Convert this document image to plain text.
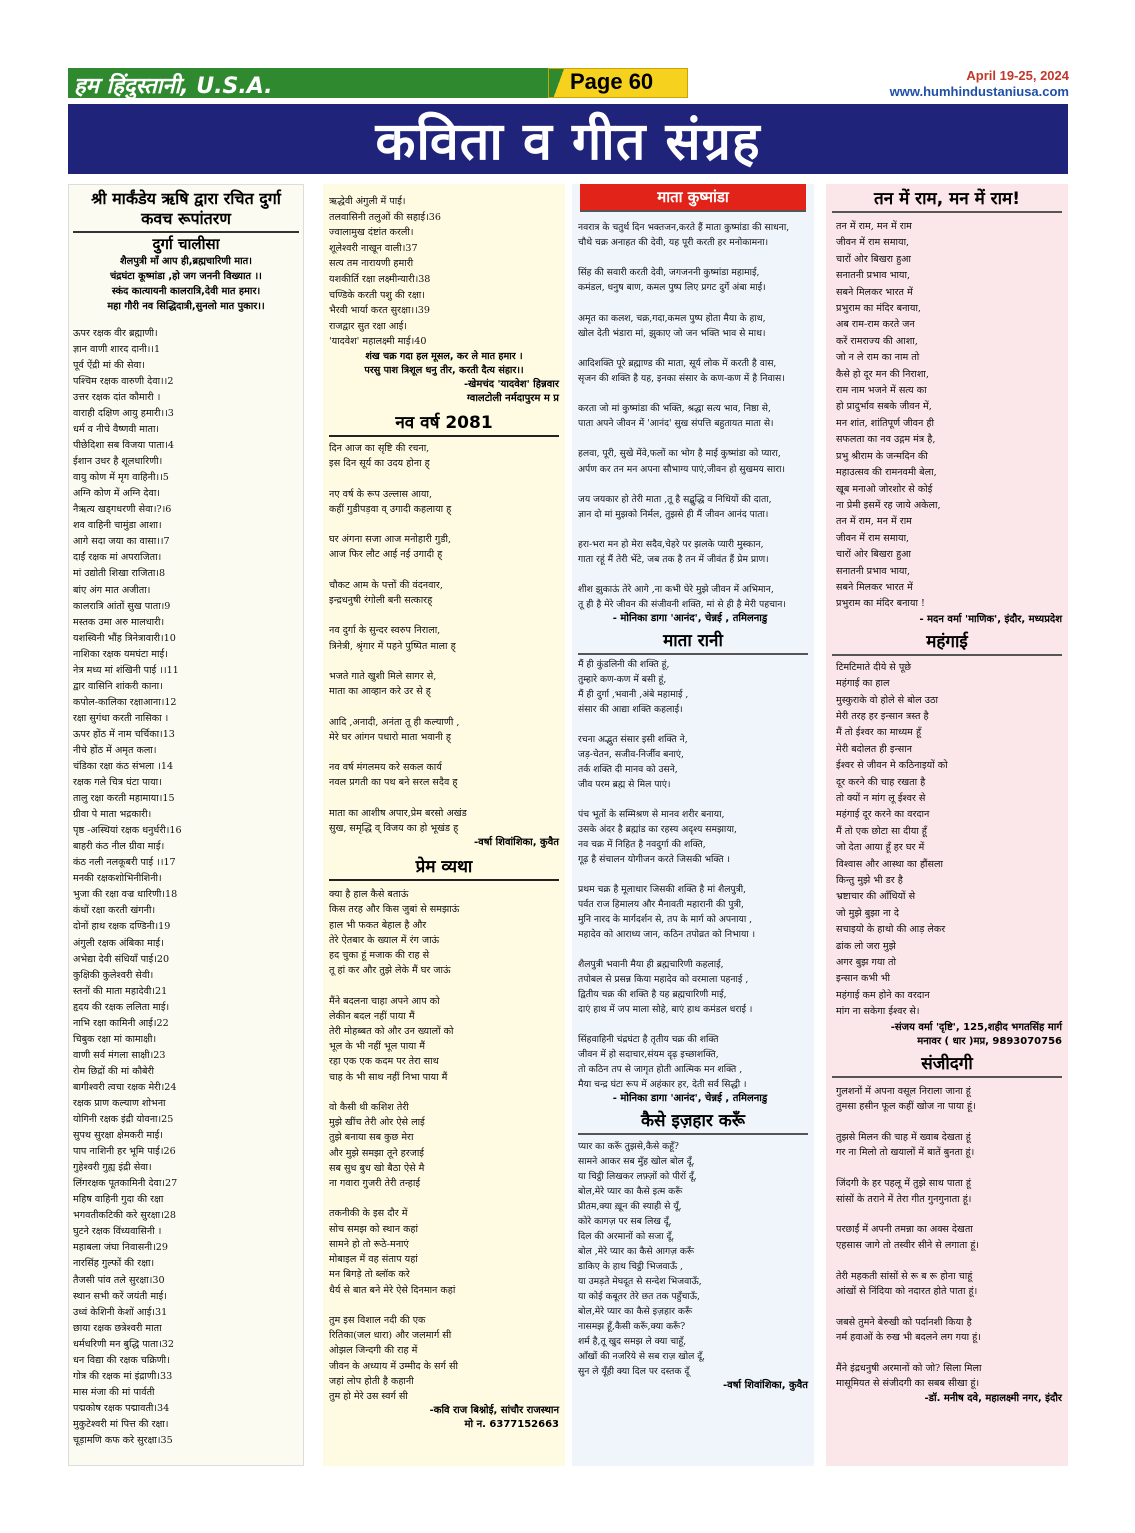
हम हिंदुस्तानी, U.S.A.	Page 60	April 19-25, 2024
www.humhindustaniusa.com
कविता व गीत संग्रह
श्री मार्कंडेय ऋषि द्वारा रचित दुर्गा कवच रूपांतरण
दुर्गा चालीसा
शैलपुत्री माँ आप ही,ब्रह्मचारिणी मात।
चंद्रघंटा कूष्मांडा ,हो जग जननी विख्यात ।।
स्कंद कात्यायनी कालरात्रि,देवी मात हमार।
महा गौरी नव सिद्धिदात्री,सुनलो मात पुकार।।
ऊपर रक्षक वीर ब्रह्माणी।
ज्ञान वाणी शारद दानी।।1
पूर्व ऐंद्री मां की सेवा।
पश्चिम रक्षक वारुणी देवा।।2
उत्तर रक्षक दांत कौमारी ।
वाराही दक्षिण आयु हमारी।।3
धर्म व नीचे वैष्णवी माता।
पीछेदिशा सब विजया पाता।4
ईशान उधर है शूलधारिणी।
वायु कोण में मृग वाहिनी।।5
अग्नि कोण में अग्नि देवा।
नैऋत्य खड्गधरणी सेवा।?।6
शव वाहिनी चामुंडा आशा।
आगे सदा जया का वासा।।7
दाईं रक्षक मां अपराजिता।
मां उद्योती शिखा राजिता।8
बांए अंग मात अजीता।
कालरात्रि आंतों सुख पाता।9
मस्तक उमा अरु मालधारी।
यशस्विनी भौंह त्रिनेत्रावारी।10
नाशिका रक्षक यमघंटा माई।
नेत्र मध्य मां शंखिनी पाई ।।11
द्वार वासिनि शांकरी काना।
कपोल-कालिका रक्षाआना।12
रक्षा सुगंधा करती नासिका ।
ऊपर होंठ में नाम चर्चिका।13
नीचे होंठ में अमृत कला।
चंडिका रक्षा कंठ संभला ।14
रक्षक गले चित्र घंटा पाया।
तालु रक्षा करती महामाया।15
ग्रीवा पे माता भद्रकारी।
पृष्ठ -अस्थियां रक्षक धनुर्धरी।16
बाहरी कंठ नील ग्रीवा माई।
कंठ नली नलकूबरी पाई ।।17
मनकी रक्षकशोभिनीशिनी।
भुजा की रक्षा वज्र धारिणी।18
कंधों रक्षा करती खंगनी।
दोनों हाथ रक्षक दण्डिनी।19
अंगुली रक्षक अंबिका माई।
अभेद्या देवी संधियाँ पाई।20
कुक्षिकी कुलेश्वरी सेवी।
स्तनों की माता महादेवी।21
हृदय की रक्षक ललिता माई।
नाभि रक्षा कामिनी आई।22
चिबुक रक्षा मां कामाक्षी।
वाणी सर्व मंगला साक्षी।23
रोम छिद्रों की मां कौबेरी
बागीश्वरी त्वचा रक्षक मेरी।24
रक्षक प्राण कल्याण शोभना
योगिनी रक्षक इंद्री योवना।25
सुपथ सुरक्षा क्षेमकरी माई।
पाप नाशिनी हर भूमि पाई।26
गुहेश्वरी गुह्य इंद्री सेवा।
लिंगरक्षक पूतकामिनी देवा।27
महिष वाहिनी गुदा की रक्षा
भगवतीकटिकी करे सुरक्षा।28
घुटने रक्षक विंध्यवासिनी ।
महाबला जंघा निवासनी।29
नारसिंह गुल्फों की रक्षा।
तैजसी पांव तले सुरक्षा।30
स्थान सभी करें जयंती माई।
उध्वं केशिनी केशों आई।31
छाया रक्षक छत्रेश्वरी माता
धर्मधरिणी मन बुद्धि पाता।32
धन विद्या की रक्षक चक्रिणी।
गोत्र की रक्षक मां इंद्राणी।33
मास मंजा की मां पार्वती
पद्मकोष रक्षक पद्मावती।34
मुकुटेश्वरी मां पित्त की रक्षा।
चूड़ामणि कफ करे सुरक्षा।35
ऋद्धेवी अंगुली में पाई।
तलवासिनी तलुओं की सहाई।36
ज्वालामुख दंष्टांत करली।
शूलेश्वरी नाखून वाली।37
सत्य तम नारायणी हमारी
यशकीर्ति रक्षा लक्ष्मीन्यारी।38
चण्डिके करती पशु की रक्षा।
भैरवी भार्या करत सुरक्षा।।39
राजद्वार सुत रक्षा आई।
'यादवेश' महालक्ष्मी माई।40
शंख चक्र गदा हल मूसल, कर ले मात हमार ।
परसु पाश त्रिशूल धनु तीर, करती दैत्य संहार।।
-खेमचंद 'यादवेश' हिन्नवार
ग्वालटोली नर्मदापुरम म प्र
नव वर्ष 2081
दिन आज का सृष्टि की रचना,
इस दिन सूर्य का उदय होना ह्

नए वर्ष के रूप उल्लास आया,
कहीं गुडीपड़वा व् उगादी कहलाया ह्

घर अंगना सजा आज मनोहारी गुडी,
आज फिर लौट आई नई उगादी ह्

चौकट आम के पत्तों की वंदनवार,
इन्द्रधनुषी रंगोली बनी सत्कारह्

नव दुर्गा के सुन्दर स्वरुप निराला,
त्रिनेत्री, श्रृंगार में पहने पुष्पित माला ह्

भजते गाते खुशी मिले सागर से,
माता का आव्हान करे उर से ह्

आदि ,अनादी, अनंता तू ही कल्याणी ,
मेरे घर आंगन पधारो माता भवानी ह्

नव वर्ष मंगलमय करे सकल कार्य
नवल प्रगती का पथ बने सरल सदैव ह्

माता का आशीष अपार,प्रेम बरसो अखंड
सुख, समृद्धि व् विजय का हो भूखंड ह्
-वर्षा शिवांशिका, कुवैत
प्रेम व्यथा
क्या है हाल कैसे बताऊं
किस तरह और किस जुबां से समझाऊं
हाल भी फकत बेहाल है और
तेरे ऐतबार के ख्याल में रंग जाऊं
हद चुका हूं मजाक की राह से
तू हां कर और तुझे लेके मैं घर जाऊं

मैंने बदलना चाहा अपने आप को
लेकीन बदल नहीं पाया मैं
तेरी मोहब्बत को और उन ख्यालों को
भूल के भी नहीं भूल पाया मैं
रहा एक एक कदम पर तेरा साथ
चाह के भी साथ नहीं निभा पाया मैं

वो कैसी थी कशिश तेरी
मुझे खींच तेरी ओर ऐसे लाई
तुझे बनाया सब कुछ मेरा
और मुझे समझा तूने हरजाई
सब सुध बुध खो बैठा ऐसे मै
ना गवारा गुजरी तेरी तन्हाई

तकनीकी के इस दौर में
सोच समझ को स्थान कहां
सामने हो तो रूठे-मनाएं
मोबाइल में वह संताप यहां
मन बिगड़े तो ब्लॉक करे
धैर्य से बात बने मेरे ऐसे दिनमान कहां

तुम इस विशाल नदी की एक
रितिका(जल धारा) और जलमार्ग सी
ओझल जिन्दगी की राह में
जीवन के अध्याय में उम्मीद के सर्ग सी
जहां लोप होती है कहानी
तुम हो मेरे उस स्वर्ग सी
-कवि राज बिश्नोई, सांचौर राजस्थान
मो न. 6377152663
माता कुष्मांडा
नवरात्र के चतुर्थ दिन भक्तजन,करते हैं माता कुष्मांडा की साधना,
चौथे चक्र अनाहत की देवी, यह पूरी करती हर मनोकामना।

सिंह की सवारी करती देवी, जगजननी कुष्मांडा महामाई,
कमंडल, धनुष बाण, कमल पुष्प लिए प्रगट दुर्गे अंबा माई।

अमृत का कलश, चक्र,गदा,कमल पुष्प होता मैया के हाथ,
खोल देती भंडारा मां, झुकाए जो जन भक्ति भाव से माथ।

आदिशक्ति पूरे ब्रह्माण्ड की माता, सूर्य लोक में करती है वास,
सृजन की शक्ति है यह, इनका संसार के कण-कण में है निवास।

करता जो मां कुष्मांडा की भक्ति, श्रद्धा सत्य भाव, निष्ठा से,
पाता अपने जीवन में 'आनंद' सुख संपत्ति बहुतायत माता से।

हलवा, पूरी, सुखे मेंवे,फलों का भोग है माई कुष्मांडा को प्यारा,
अर्पण कर तन मन अपना सौभाग्य पाएं,जीवन हो सुखमय सारा।

जय जयकार हो तेरी माता ,तू है सद्बुद्धि व निधियों की दाता,
ज्ञान दो मां मुझको निर्मल, तुझसे ही मैं जीवन आनंद पाता।

हरा-भरा मन हो मेरा सदैव,चेहरे पर झलके प्यारी मुस्कान,
गाता रहूं मैं तेरी भेंटे, जब तक है तन में जीवंत हैं प्रेम प्राण।

शीश झुकाऊं तेरे आगे ,ना कभी घेरे मुझे जीवन में अभिमान,
तू ही है मेरे जीवन की संजीवनी शक्ति, मां से ही है मेरी पहचान।
- मोनिका डागा 'आनंद', चेन्नई , तमिलनाडु
माता रानी
मैं ही कुंडलिनी की शक्ति हूं,
तुम्हारे कण-कण में बसी हूं,
मैं ही दुर्गा ,भवानी ,अंबे महामाई ,
संसार की आद्या शक्ति कहलाई।

रचना अद्भुत संसार इसी शक्ति ने,
जड़-चेतन, सजीव-निर्जीव बनाएं,
तर्क शक्ति दी मानव को उसने,
जीव परम ब्रह्म से मिल पाएं।

पंच भूतों के सम्मिश्रण से मानव शरीर बनाया,
उसके अंदर है ब्रह्मांड का रहस्य अदृश्य समझाया,
नव चक्र में निहित है नवदुर्गा की शक्ति,
गूढ़ है संचालन योगीजन करते जिसकी भक्ति ।

प्रथम चक्र है मूलाधार जिसकी शक्ति है मां शैलपुत्री,
पर्वत राज हिमालय और मैनावती महारानी की पुत्री,
मुनि नारद के मार्गदर्शन से, तप के मार्ग को अपनाया ,
महादेव को आराध्य जान, कठिन तपोव्रत को निभाया ।

शैलपुत्री भवानी मैया ही ब्रह्मचारिणी कहलाई,
तपोबल से प्रसन्न किया महादेव को वरमाला पहनाई ,
द्वितीय चक्र की शक्ति है यह ब्रह्मचारिणी माई,
दाएं हाथ में जप माला सोहे, बाएं हाथ कमंडल धराई ।

सिंहवाहिनी चंद्रघंटा है तृतीय चक्र की शक्ति
जीवन में हो सदाचार,संयम दृढ़ इच्छाशक्ति,
तो कठिन तप से जागृत होती आत्मिक मन शक्ति ,
मैया चन्द्र घंटा रूप में अहंकार हर, देती सर्व सिद्धी ।
- मोनिका डागा 'आनंद', चेन्नई , तमिलनाडु
कैसे इज़हार करूँ
प्यार का करूँ तुझसे,कैसे कहूँ?
सामने आकर सब मुँह खोल बोल दूँ,
या चिट्ठी लिखकर लफ़्ज़ों को पीरों दूँ,
बोल,मेरे प्यार का कैसे इत्म करूँ
प्रीतम,क्या ख़ून की स्याही से यूँ,
कोरे कागज़ पर सब लिख दूँ,
दिल की अरमानों को सजा दूँ,
बोल ,मेरे प्यार का कैसे आगज़ करूँ
डाकिए के हाथ चिट्ठी भिजवाऊँ ,
या उमड़ते मेघदूत से सन्देश भिजवाऊँ,
या कोई कबूतर तेरे छत तक पहुँचाऊँ,
बोल,मेरे प्यार का कैसे इज़हार करूँ
नासमझ हूँ,कैसी करूँ,क्या करूँ?
शर्म है,तू खुद समझ ले क्या चाहूँ,
आँखों की नजरिये से सब राज़ खोल दूँ,
सुन ले यूँही क्या दिल पर दस्तक दूँ
-वर्षा शिवांशिका, कुवैत
तन में राम, मन में राम!
तन में राम, मन में राम
जीवन में राम समाया,
चारों ओर बिखरा हुआ
सनातनी प्रभाव भाया,
सबने मिलकर भारत में
प्रभुराम का मंदिर बनाया,
अब राम-राम करते जन
करें रामराज्य की आशा,
जो न ले राम का नाम तो
कैसे हो दूर मन की निराशा,
राम नाम भजने में सत्य का
हो प्रादुर्भाव सबके जीवन में,
मन शांत, शांतिपूर्ण जीवन ही
सफलता का नव उद्गम मंत्र है,
प्रभु श्रीराम के जन्मदिन की
महाउत्सव की रामनवमी बेला,
खूब मनाओ जोरशोर से कोई
ना प्रेमी इसमें रह जाये अकेला,
तन में राम, मन में राम
जीवन में राम समाया,
चारों ओर बिखरा हुआ
सनातनी प्रभाव भाया,
सबने मिलकर भारत में
प्रभुराम का मंदिर बनाया !
- मदन वर्मा 'माणिक', इंदौर, मध्यप्रदेश
महंगाई
टिमटिमाते दीये से पूछे
महंगाई का हाल
मुस्कुराके वो होले से बोल उठा
मेरी तरह हर इन्सान त्रस्त है
मैं तो ईश्वर का माध्यम हूँ
मेरी बदोलत ही इन्सान
ईश्वर से जीवन मे कठिनाइयों को
दूर करने की चाह रखता है
तो क्यों न मांग लू ईश्वर से
महंगाई दूर करने का वरदान
मैं तो एक छोटा सा दीया हूँ
जो देता आया हूँ हर घर में
विश्वास और आस्था का हौंसला
किन्तु मुझे भी डर है
भ्रष्टाचार की आँधियों से
जो मुझे बुझा ना दे
सचाइयो के हाथो की आड़ लेकर
ढांक लो जरा मुझे
अगर बुझ गया तो
इन्सान कभी भी
महंगाई कम होने का वरदान
मांग ना सकेगा ईश्वर से।
-संजय वर्मा 'दृष्टि', 125,शहीद भगतसिंह मार्ग
मनावर ( धार )मप्र, 9893070756
संजीदगी
गुलशनों में अपना वसूल निराला जाना हूं
तुमसा हसीन फूल कहीं खोज ना पाया हूं।

तुझसे मिलन की चाह में ख्वाब देखता हूं
गर ना मिलो तो खयालों में बातें बुनता हूं।

जिंदगी के हर पहलू में तुझे साथ पाता हूं
सांसों के तराने में तेरा गीत गुनगुनाता हूं।

परछाईं में अपनी तमन्ना का अक्स देखता
एहसास जागे तो तस्वीर सीने से लगाता हूं।

तेरी महकती सांसों से रू ब रू होना चाहूं
आंखों से निंदिया को नदारत होते पाता हूं।

जबसे तुमने बेरुखी को पर्दानशी किया है
नर्म हवाओं के रुख भी बदलने लग गया हूं।

मैंने इंद्रधनुषी अरमानों को जो? सिला मिला
मासूमियत से संजीदगी का सबब सीखा हूं।
-डॉ. मनीष दवे, महालक्ष्मी नगर, इंदौर
